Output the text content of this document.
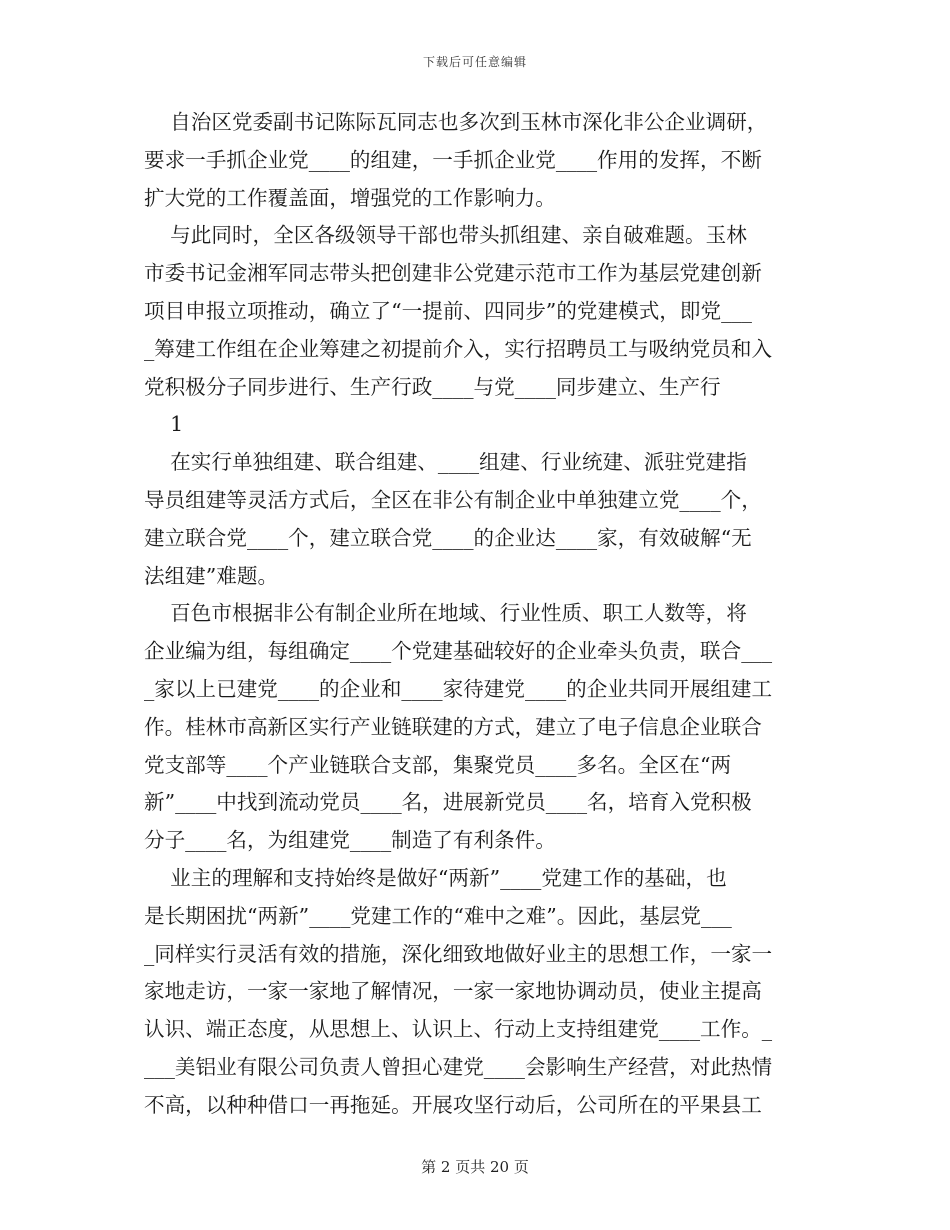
下载后可任意编辑
自治区党委副书记陈际瓦同志也多次到玉林市深化非公企业调研，
要求一手抓企业党____的组建，一手抓企业党____作用的发挥，不断
扩大党的工作覆盖面，增强党的工作影响力。
与此同时，全区各级领导干部也带头抓组建、亲自破难题。玉林
市委书记金湘军同志带头把创建非公党建示范市工作为基层党建创新
项目申报立项推动，确立了“一提前、四同步”的党建模式，即党___
_筹建工作组在企业筹建之初提前介入，实行招聘员工与吸纳党员和入
党积极分子同步进行、生产行政____与党____同步建立、生产行
1
在实行单独组建、联合组建、____组建、行业统建、派驻党建指
导员组建等灵活方式后，全区在非公有制企业中单独建立党____个，
建立联合党____个，建立联合党____的企业达____家，有效破解“无
法组建”难题。
百色市根据非公有制企业所在地域、行业性质、职工人数等，将
企业编为组，每组确定____个党建基础较好的企业牵头负责，联合___
_家以上已建党____的企业和____家待建党____的企业共同开展组建工
作。桂林市高新区实行产业链联建的方式，建立了电子信息企业联合
党支部等____个产业链联合支部，集聚党员____多名。全区在“两
新”____中找到流动党员____名，进展新党员____名，培育入党积极
分子____名，为组建党____制造了有利条件。
业主的理解和支持始终是做好“两新”____党建工作的基础，也
是长期困扰“两新”____党建工作的“难中之难”。因此，基层党___
_同样实行灵活有效的措施，深化细致地做好业主的思想工作，一家一
家地走访，一家一家地了解情况，一家一家地协调动员，使业主提高
认识、端正态度，从思想上、认识上、行动上支持组建党____工作。_
___美铝业有限公司负责人曾担心建党____会影响生产经营，对此热情
不高，以种种借口一再拖延。开展攻坚行动后，公司所在的平果县工
第 2 页共 20 页
